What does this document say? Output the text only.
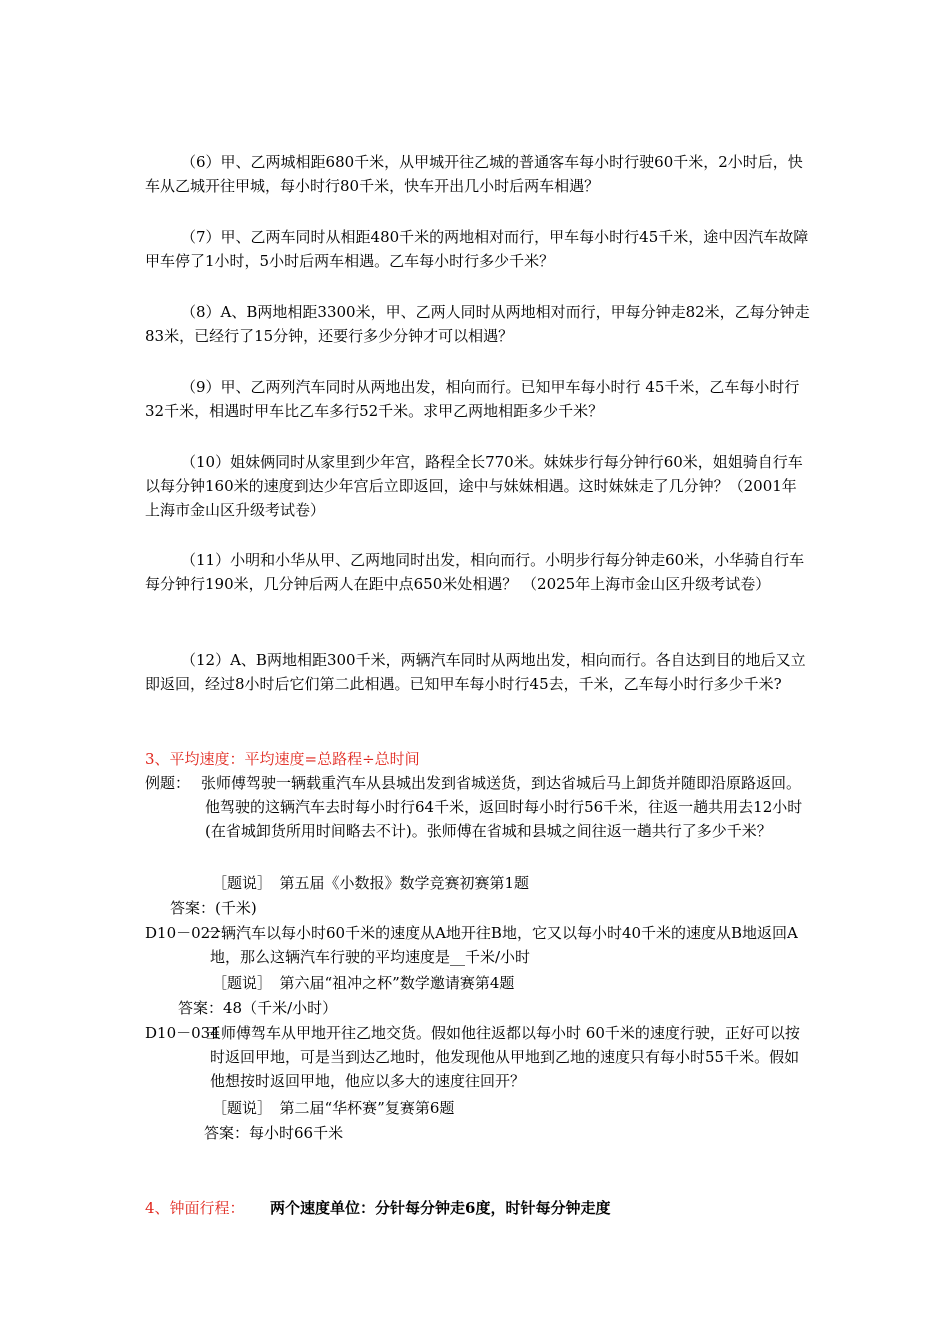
（6）甲、乙两城相距680千米，从甲城开往乙城的普通客车每小时行驶60千米，2小时后，快车从乙城开往甲城，每小时行80千米，快车开出几小时后两车相遇？

（7）甲、乙两车同时从相距480千米的两地相对而行，甲车每小时行45千米，途中因汽车故障甲车停了1小时，5小时后两车相遇。乙车每小时行多少千米？

（8）A、B两地相距3300米，甲、乙两人同时从两地相对而行，甲每分钟走82米，乙每分钟走83米，已经行了15分钟，还要行多少分钟才可以相遇？

（9）甲、乙两列汽车同时从两地出发，相向而行。已知甲车每小时行 45千米，乙车每小时行32千米，相遇时甲车比乙车多行52千米。求甲乙两地相距多少千米？

（10）姐妹俩同时从家里到少年宫，路程全长770米。妹妹步行每分钟行60米，姐姐骑自行车以每分钟160米的速度到达少年宫后立即返回，途中与妹妹相遇。这时妹妹走了几分钟？（2001年上海市金山区升级考试卷）

（11）小明和小华从甲、乙两地同时出发，相向而行。小明步行每分钟走60米，小华骑自行车每分钟行190米，几分钟后两人在距中点650米处相遇？ （2025年上海市金山区升级考试卷）

（12）A、B两地相距300千米，两辆汽车同时从两地出发，相向而行。各自达到目的地后又立即返回，经过8小时后它们第二此相遇。已知甲车每小时行45去，千米，乙车每小时行多少千米?

3、平均速度：平均速度=总路程÷总时间

例题： 张师傅驾驶一辆载重汽车从县城出发到省城送货，到达省城后马上卸货并随即沿原路返回。他驾驶的这辆汽车去时每小时行64千米，返回时每小时行56千米，往返一趟共用去12小时(在省城卸货所用时间略去不计)。张师傅在省城和县城之间往返一趟共行了多少千米？

［题说］　第五届《小数报》数学竞赛初赛第1题
答案：(千米)
D10－022

一辆汽车以每小时60千米的速度从A地开往B地，它又以每小时40千米的速度从B地返回A地，那么这辆汽车行驶的平均速度是__千米/小时

［题说］　第六届“祖冲之杯”数学邀请赛第4题
答案：48（千米/小时）
D10－034

王师傅驾车从甲地开往乙地交货。假如他往返都以每小时 60千米的速度行驶，正好可以按时返回甲地，可是当到达乙地时，他发现他从甲地到乙地的速度只有每小时55千米。假如他想按时返回甲地，他应以多大的速度往回开？

［题说］　第二届“华杯赛”复赛第6题
答案：每小时66千米
4、钟面行程： 两个速度单位：分针每分钟走6度，时针每分钟走度
